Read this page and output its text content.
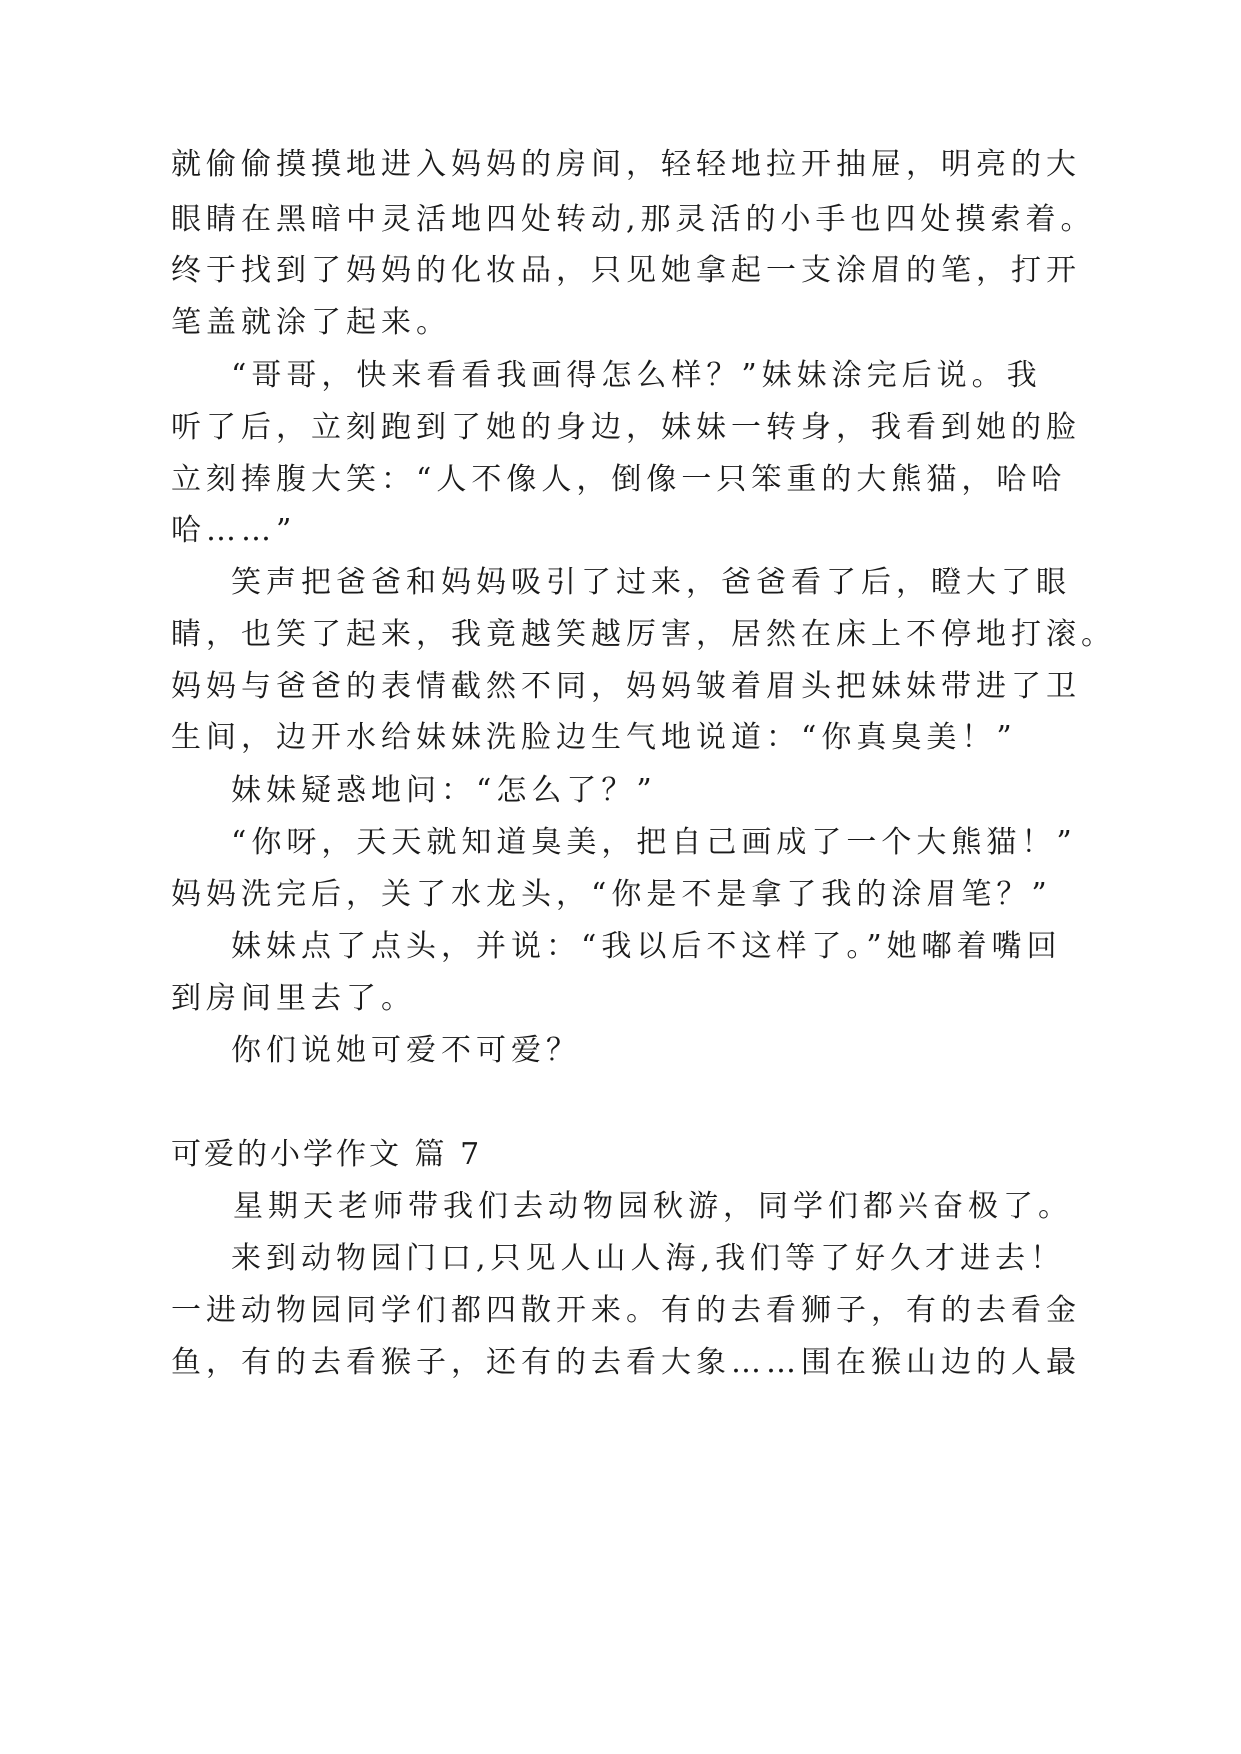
就偷偷摸摸地进入妈妈的房间，轻轻地拉开抽屉，明亮的大
眼睛在黑暗中灵活地四处转动,那灵活的小手也四处摸索着。
终于找到了妈妈的化妆品，只见她拿起一支涂眉的笔，打开
笔盖就涂了起来。
“哥哥，快来看看我画得怎么样？”妹妹涂完后说。我
听了后，立刻跑到了她的身边，妹妹一转身，我看到她的脸
立刻捧腹大笑：“人不像人，倒像一只笨重的大熊猫，哈哈
哈……”
笑声把爸爸和妈妈吸引了过来，爸爸看了后，瞪大了眼
睛，也笑了起来，我竟越笑越厉害，居然在床上不停地打滚。
妈妈与爸爸的表情截然不同，妈妈皱着眉头把妹妹带进了卫
生间，边开水给妹妹洗脸边生气地说道：“你真臭美！”
妹妹疑惑地问：“怎么了？”
“你呀，天天就知道臭美，把自己画成了一个大熊猫！”
妈妈洗完后，关了水龙头，“你是不是拿了我的涂眉笔？”
妹妹点了点头，并说：“我以后不这样了。”她嘟着嘴回
到房间里去了。
你们说她可爱不可爱？
可爱的小学作文 篇 7
星期天老师带我们去动物园秋游，同学们都兴奋极了。
来到动物园门口,只见人山人海,我们等了好久才进去！
一进动物园同学们都四散开来。有的去看狮子，有的去看金
鱼，有的去看猴子，还有的去看大象……围在猴山边的人最
